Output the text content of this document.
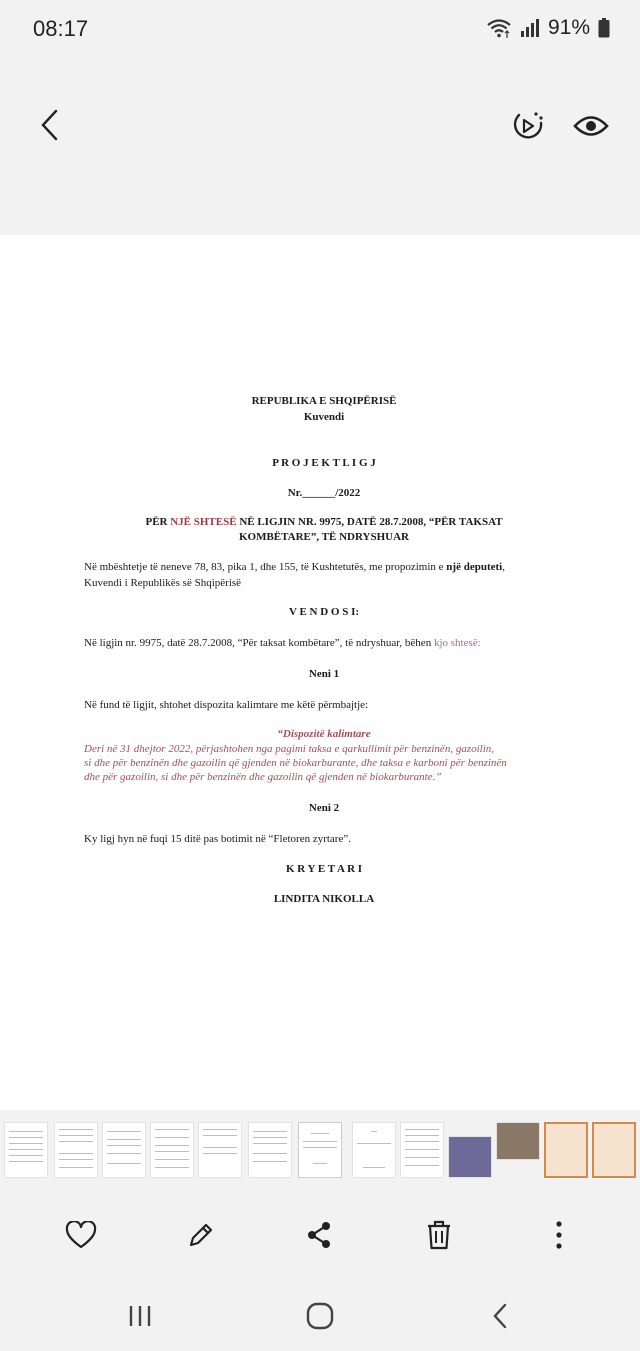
08:17	91%
REPUBLIKA E SHQIPËRISË
Kuvendi
P R O J E K T L I G J
Nr.______/2022
PËR NJË SHTESË NË LIGJIN NR. 9975, DATË 28.7.2008, “PËR TAKSAT
KOMBËTARE”, TË NDRYSHUAR
Në mbështetje të neneve 78, 83, pika 1, dhe 155, të Kushtetutës, me propozimin e një deputeti,
Kuvendi i Republikës së Shqipërisë
V E N D O S I:
Në ligjin nr. 9975, datë 28.7.2008, “Për taksat kombëtare”, të ndryshuar, bëhen kjo shtesë:
Neni 1
Në fund të ligjit, shtohet dispozita kalimtare me këtë përmbajtje:
“Dispozitë kalimtare
Deri në 31 dhejtor 2022, përjashtohen nga pagimi taksa e qarkullimit për benzinën, gazoilin,
si dhe për benzinën dhe gazoilin që gjenden në biokarburante, dhe taksa e karboni për benzinën
dhe për gazoilin, si dhe për benzinën dhe gazoilin që gjenden në biokarburante.”
Neni 2
Ky ligj hyn në fuqi 15 ditë pas botimit në “Fletoren zyrtare”.
K R Y E T A R I
LINDITA NIKOLLA
